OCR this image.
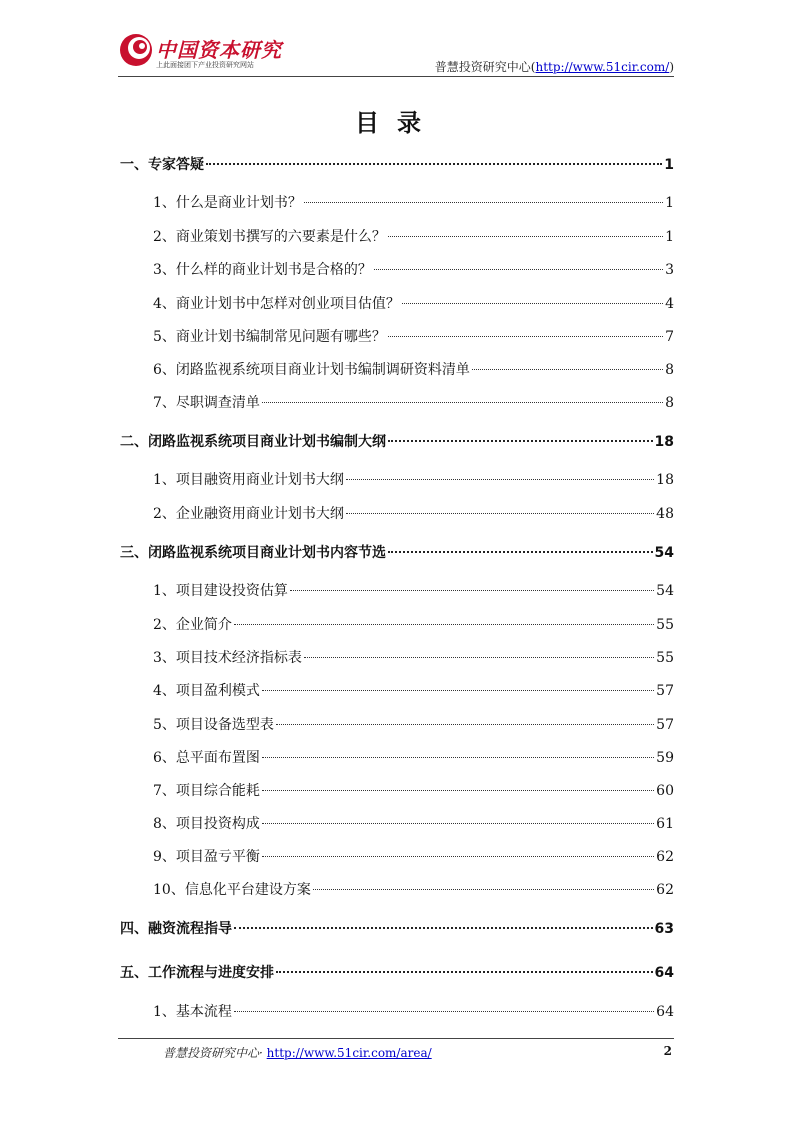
中国资本研究
上此面接团下产业投资研究网站	普慧投资研究中心(http://www.51cir.com/)
目录
一、专家答疑	1
1、什么是商业计划书？	1
2、商业策划书撰写的六要素是什么？	1
3、什么样的商业计划书是合格的？	3
4、商业计划书中怎样对创业项目估值？	4
5、商业计划书编制常见问题有哪些？	7
6、闭路监视系统项目商业计划书编制调研资料清单	8
7、尽职调查清单	8
二、闭路监视系统项目商业计划书编制大纲	18
1、项目融资用商业计划书大纲	18
2、企业融资用商业计划书大纲	48
三、闭路监视系统项目商业计划书内容节选	54
1、项目建设投资估算	54
2、企业简介	55
3、项目技术经济指标表	55
4、项目盈利模式	57
5、项目设备选型表	57
6、总平面布置图	59
7、项目综合能耗	60
8、项目投资构成	61
9、项目盈亏平衡	62
10、信息化平台建设方案	62
四、融资流程指导	63
五、工作流程与进度安排	64
1、基本流程	64
普慧投资研究中心· http://www.51cir.com/area/	2
